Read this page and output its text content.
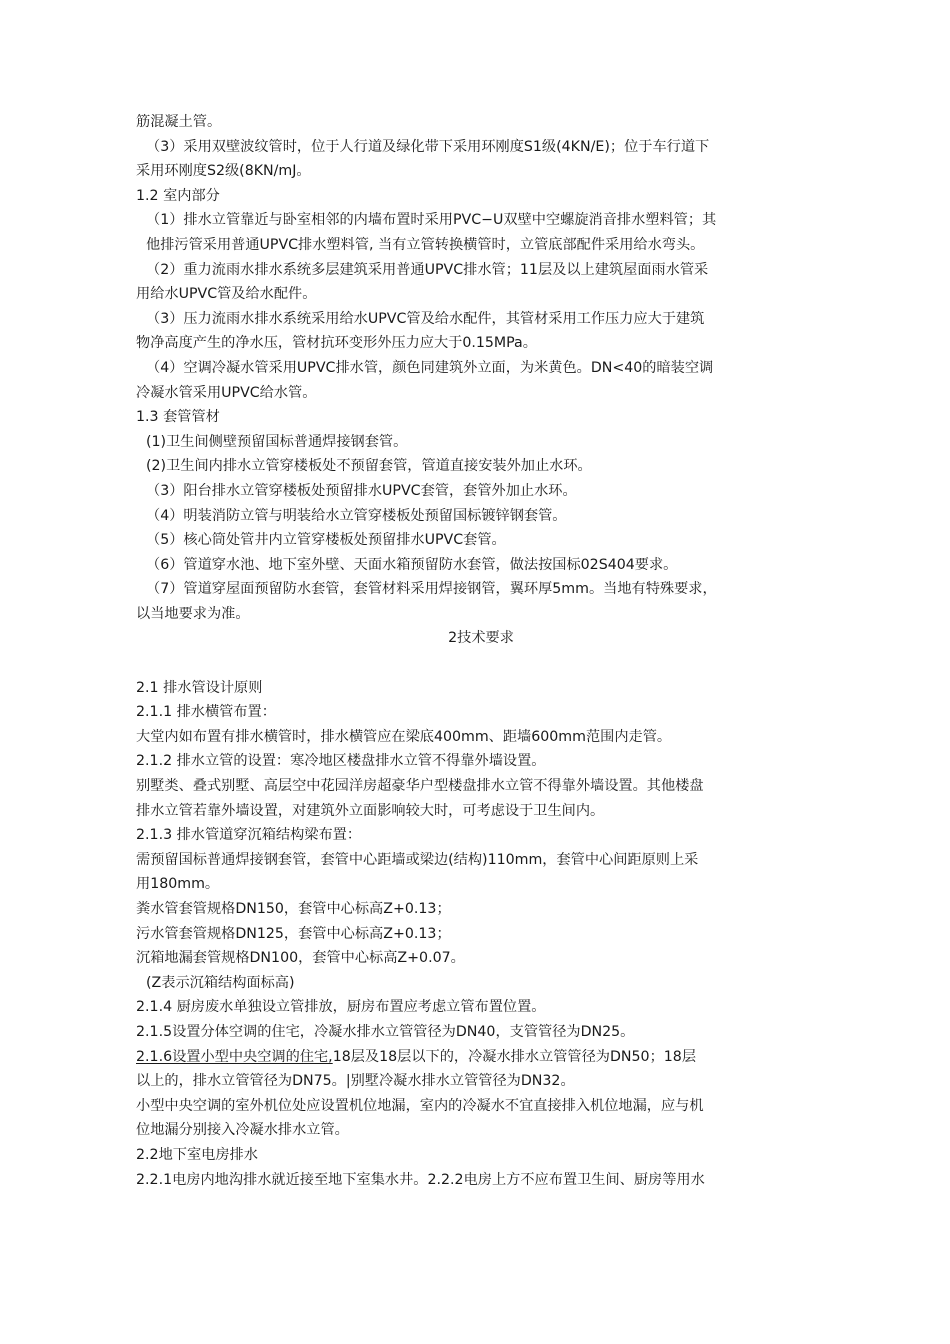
筋混凝土管。
（3）采用双壁波纹管时，位于人行道及绿化带下采用环刚度S1级(4KN/E)；位于车行道下
采用环刚度S2级(8KN/mJ。
1.2 室内部分
（1）排水立管靠近与卧室相邻的内墙布置时采用PVC−U双壁中空螺旋消音排水塑料管；其
他排污管采用普通UPVC排水塑料管, 当有立管转换横管时，立管底部配件采用给水弯头。
（2）重力流雨水排水系统多层建筑采用普通UPVC排水管；11层及以上建筑屋面雨水管采
用给水UPVC管及给水配件。
（3）压力流雨水排水系统采用给水UPVC管及给水配件，其管材采用工作压力应大于建筑
物净高度产生的净水压，管材抗环变形外压力应大于0.15MPa。
（4）空调冷凝水管采用UPVC排水管，颜色同建筑外立面，为米黄色。DN<40的暗装空调
冷凝水管采用UPVC给水管。
1.3 套管管材
(1)卫生间侧壁预留国标普通焊接钢套管。
(2)卫生间内排水立管穿楼板处不预留套管，管道直接安装外加止水环。
（3）阳台排水立管穿楼板处预留排水UPVC套管，套管外加止水环。
（4）明装消防立管与明装给水立管穿楼板处预留国标镀锌钢套管。
（5）核心筒处管井内立管穿楼板处预留排水UPVC套管。
（6）管道穿水池、地下室外壁、天面水箱预留防水套管，做法按国标02S404要求。
（7）管道穿屋面预留防水套管，套管材料采用焊接钢管，翼环厚5mm。当地有特殊要求，
以当地要求为准。
2技术要求
2.1 排水管设计原则
2.1.1 排水横管布置：
大堂内如布置有排水横管时，排水横管应在梁底400mm、距墙600mm范围内走管。
2.1.2 排水立管的设置：寒冷地区楼盘排水立管不得靠外墙设置。
别墅类、叠式别墅、高层空中花园洋房超豪华户型楼盘排水立管不得靠外墙设置。其他楼盘
排水立管若靠外墙设置，对建筑外立面影响较大时，可考虑设于卫生间内。
2.1.3 排水管道穿沉箱结构梁布置：
需预留国标普通焊接钢套管，套管中心距墙或梁边(结构)110mm，套管中心间距原则上采
用180mm。
粪水管套管规格DN150，套管中心标高Z+0.13；
污水管套管规格DN125，套管中心标高Z+0.13；
沉箱地漏套管规格DN100，套管中心标高Z+0.07。
(Z表示沉箱结构面标高)
2.1.4 厨房废水单独设立管排放，厨房布置应考虑立管布置位置。
2.1.5设置分体空调的住宅，冷凝水排水立管管径为DN40，支管管径为DN25。
2.1.6设置小型中央空调的住宅,18层及18层以下的，冷凝水排水立管管径为DN50；18层
以上的，排水立管管径为DN75。|别墅冷凝水排水立管管径为DN32。
小型中央空调的室外机位处应设置机位地漏，室内的冷凝水不宜直接排入机位地漏，应与机
位地漏分别接入冷凝水排水立管。
2.2地下室电房排水
2.2.1电房内地沟排水就近接至地下室集水井。2.2.2电房上方不应布置卫生间、厨房等用水
